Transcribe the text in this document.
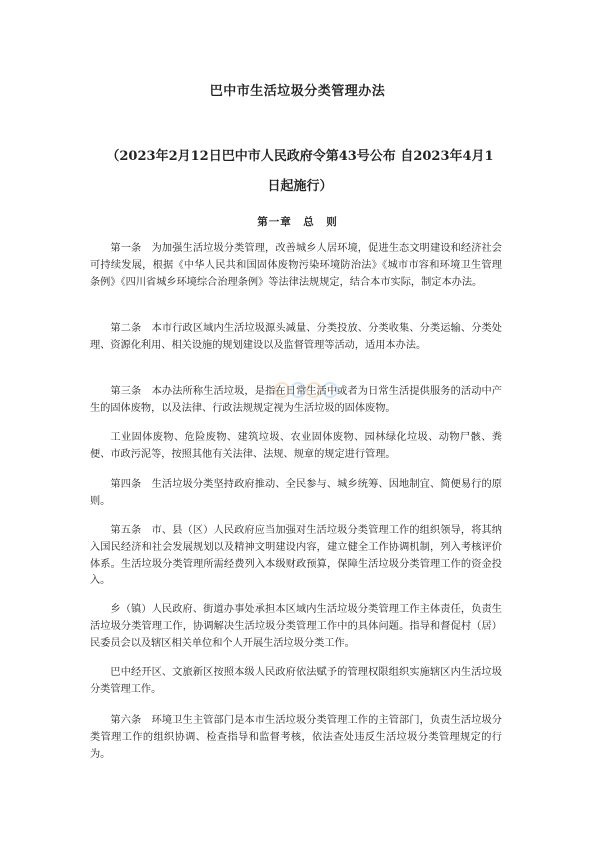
巴中市生活垃圾分类管理办法
（2023年2月12日巴中市人民政府令第43号公布 自2023年4月1日起施行）
第一章　总　则

第一条　为加强生活垃圾分类管理，改善城乡人居环境，促进生态文明建设和经济社会可持续发展，根据《中华人民共和国固体废物污染环境防治法》《城市市容和环境卫生管理条例》《四川省城乡环境综合治理条例》等法律法规规定，结合本市实际，制定本办法。

第二条　本市行政区域内生活垃圾源头减量、分类投放、分类收集、分类运输、分类处理、资源化利用、相关设施的规划建设以及监督管理等活动，适用本办法。

第三条　本办法所称生活垃圾，是指在日常生活中或者为日常生活提供服务的活动中产生的固体废物，以及法律、行政法规规定视为生活垃圾的固体废物。

工业固体废物、危险废物、建筑垃圾、农业固体废物、园林绿化垃圾、动物尸骸、粪便、市政污泥等，按照其他有关法律、法规、规章的规定进行管理。

第四条　生活垃圾分类坚持政府推动、全民参与、城乡统筹、因地制宜、简便易行的原则。

第五条　市、县（区）人民政府应当加强对生活垃圾分类管理工作的组织领导，将其纳入国民经济和社会发展规划以及精神文明建设内容，建立健全工作协调机制，列入考核评价体系。生活垃圾分类管理所需经费列入本级财政预算，保障生活垃圾分类管理工作的资金投入。

乡（镇）人民政府、街道办事处承担本区域内生活垃圾分类管理工作主体责任，负责生活垃圾分类管理工作，协调解决生活垃圾分类管理工作中的具体问题。指导和督促村（居）民委员会以及辖区相关单位和个人开展生活垃圾分类工作。

巴中经开区、文旅新区按照本级人民政府依法赋予的管理权限组织实施辖区内生活垃圾分类管理工作。

第六条　环境卫生主管部门是本市生活垃圾分类管理工作的主管部门，负责生活垃圾分类管理工作的组织协调、检查指导和监督考核，依法查处违反生活垃圾分类管理规定的行为。
